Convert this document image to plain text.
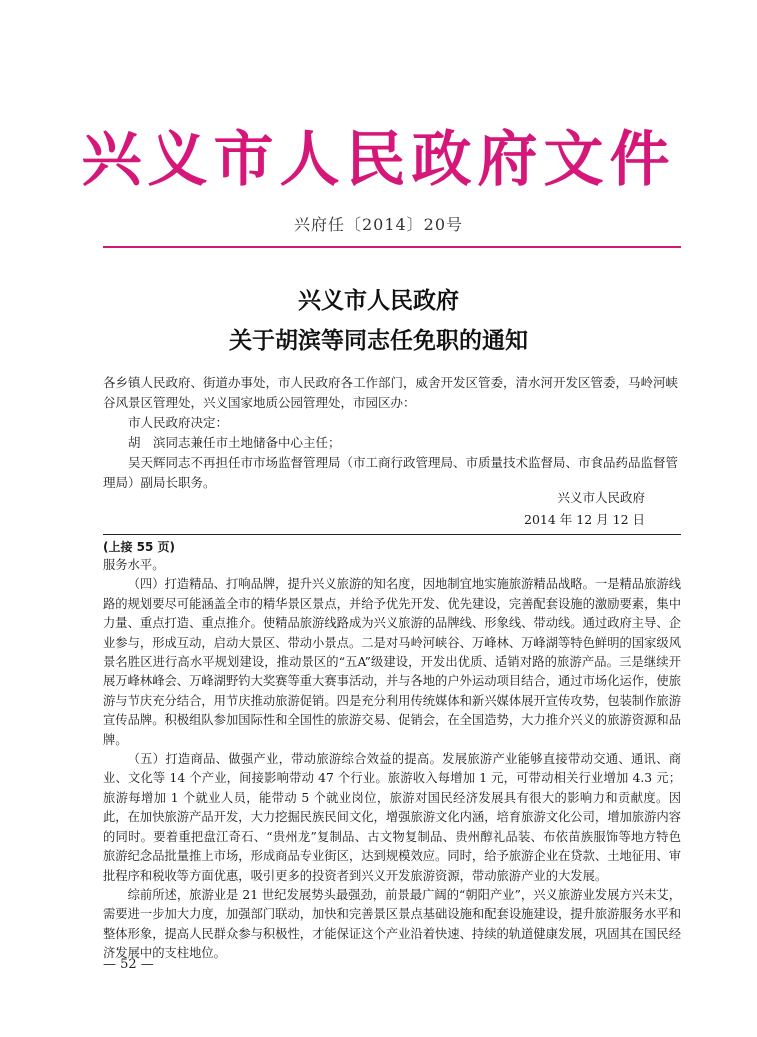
兴义市人民政府文件
兴府任〔2014〕20号
兴义市人民政府
关于胡滨等同志任免职的通知

各乡镇人民政府、街道办事处，市人民政府各工作部门，威舍开发区管委，清水河开发区管委，马岭河峡谷风景区管理处，兴义国家地质公园管理处，市园区办：

市人民政府决定：

胡　滨同志兼任市土地储备中心主任；

吴天辉同志不再担任市市场监督管理局（市工商行政管理局、市质量技术监督局、市食品药品监督管理局）副局长职务。

兴义市人民政府
2014 年 12 月 12 日
(上接 55 页)

服务水平。

（四）打造精品、打响品牌，提升兴义旅游的知名度，因地制宜地实施旅游精品战略。一是精品旅游线路的规划要尽可能涵盖全市的精华景区景点，并给予优先开发、优先建设，完善配套设施的激励要素，集中力量、重点打造、重点推介。使精品旅游线路成为兴义旅游的品牌线、形象线、带动线。通过政府主导、企业参与，形成互动，启动大景区、带动小景点。二是对马岭河峡谷、万峰林、万峰湖等特色鲜明的国家级风景名胜区进行高水平规划建设，推动景区的“五A”级建设，开发出优质、适销对路的旅游产品。三是继续开展万峰林峰会、万峰湖野钓大奖赛等重大赛事活动，并与各地的户外运动项目结合，通过市场化运作，使旅游与节庆充分结合，用节庆推动旅游促销。四是充分利用传统媒体和新兴媒体展开宣传攻势，包装制作旅游宣传品牌。积极组队参加国际性和全国性的旅游交易、促销会，在全国造势，大力推介兴义的旅游资源和品牌。

（五）打造商品、做强产业，带动旅游综合效益的提高。发展旅游产业能够直接带动交通、通讯、商业、文化等 14 个产业，间接影响带动 47 个行业。旅游收入每增加 1 元，可带动相关行业增加 4.3 元；旅游每增加 1 个就业人员，能带动 5 个就业岗位，旅游对国民经济发展具有很大的影响力和贡献度。因此，在加快旅游产品开发，大力挖掘民族民间文化，增强旅游文化内涵，培育旅游文化公司，增加旅游内容的同时。要着重把盘江奇石、“贵州龙”复制品、古文物复制品、贵州醇礼品装、布依苗族服饰等地方特色旅游纪念品批量推上市场，形成商品专业街区，达到规模效应。同时，给予旅游企业在贷款、土地征用、审批程序和税收等方面优惠，吸引更多的投资者到兴义开发旅游资源，带动旅游产业的大发展。

综前所述，旅游业是 21 世纪发展势头最强劲，前景最广阔的“朝阳产业”，兴义旅游业发展方兴未艾，需要进一步加大力度，加强部门联动，加快和完善景区景点基础设施和配套设施建设，提升旅游服务水平和整体形象，提高人民群众参与积极性，才能保证这个产业沿着快速、持续的轨道健康发展，巩固其在国民经济发展中的支柱地位。

— 52 —
